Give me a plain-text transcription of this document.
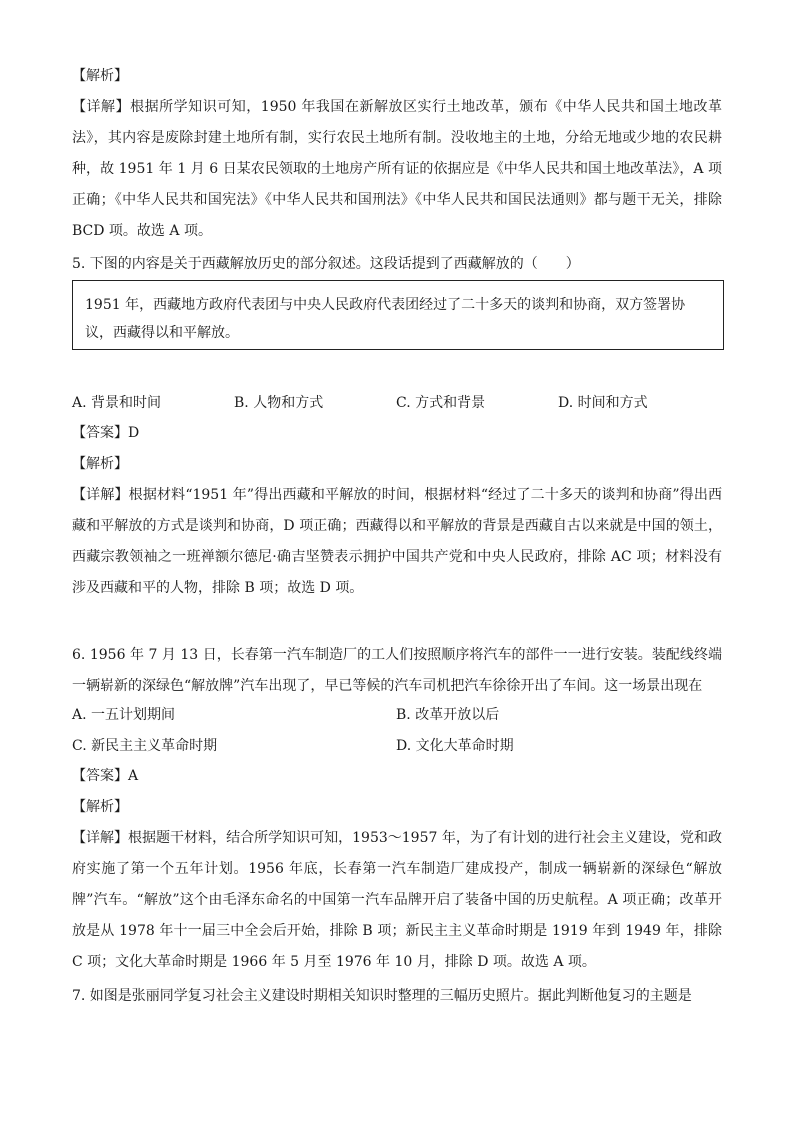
【解析】
【详解】根据所学知识可知，1950 年我国在新解放区实行土地改革，颁布《中华人民共和国土地改革法》，其内容是废除封建土地所有制，实行农民土地所有制。没收地主的土地，分给无地或少地的农民耕种，故 1951 年 1 月 6 日某农民领取的土地房产所有证的依据应是《中华人民共和国土地改革法》，A 项正确；《中华人民共和国宪法》《中华人民共和国刑法》《中华人民共和国民法通则》都与题干无关，排除 BCD 项。故选 A 项。
5. 下图的内容是关于西藏解放历史的部分叙述。这段话提到了西藏解放的（　　）
1951 年，西藏地方政府代表团与中央人民政府代表团经过了二十多天的谈判和协商，双方签署协议，西藏得以和平解放。
A. 背景和时间	B. 人物和方式	C. 方式和背景	D. 时间和方式
【答案】D
【解析】
【详解】根据材料“1951 年”得出西藏和平解放的时间，根据材料“经过了二十多天的谈判和协商”得出西藏和平解放的方式是谈判和协商，D 项正确；西藏得以和平解放的背景是西藏自古以来就是中国的领土，西藏宗教领袖之一班禅额尔德尼·确吉坚赞表示拥护中国共产党和中央人民政府，排除 AC 项；材料没有涉及西藏和平的人物，排除 B 项；故选 D 项。
6. 1956 年 7 月 13 日，长春第一汽车制造厂的工人们按照顺序将汽车的部件一一进行安装。装配线终端一辆崭新的深绿色“解放牌”汽车出现了，早已等候的汽车司机把汽车徐徐开出了车间。这一场景出现在
A. 一五计划期间	B. 改革开放以后
C. 新民主主义革命时期	D. 文化大革命时期
【答案】A
【解析】
【详解】根据题干材料，结合所学知识可知，1953～1957 年，为了有计划的进行社会主义建设，党和政府实施了第一个五年计划。1956 年底，长春第一汽车制造厂建成投产，制成一辆崭新的深绿色“解放牌”汽车。“解放”这个由毛泽东命名的中国第一汽车品牌开启了装备中国的历史航程。A 项正确；改革开放是从 1978 年十一届三中全会后开始，排除 B 项；新民主主义革命时期是 1919 年到 1949 年，排除 C 项；文化大革命时期是 1966 年 5 月至 1976 年 10 月，排除 D 项。故选 A 项。
7. 如图是张丽同学复习社会主义建设时期相关知识时整理的三幅历史照片。据此判断他复习的主题是
